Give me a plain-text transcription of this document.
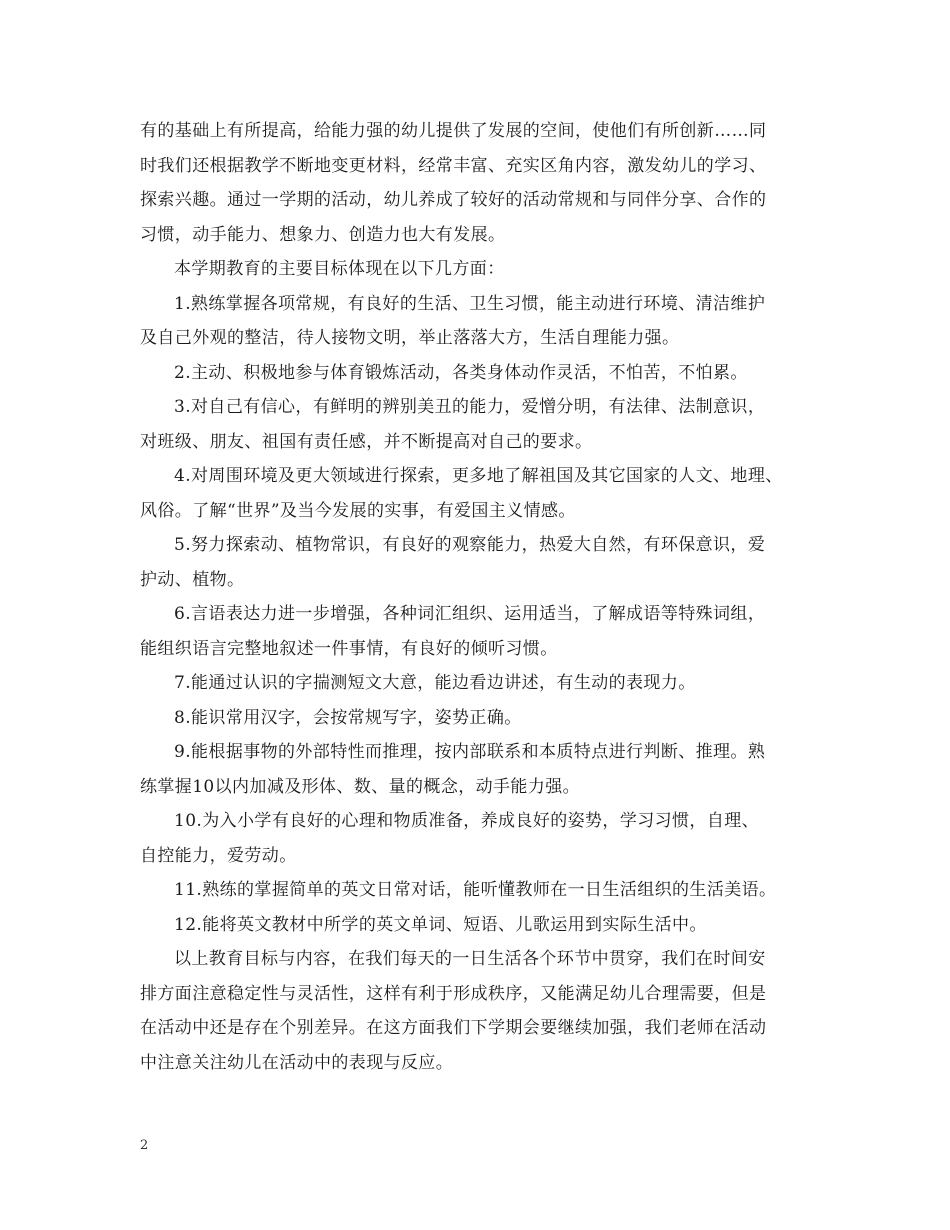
有的基础上有所提高，给能力强的幼儿提供了发展的空间，使他们有所创新……同
时我们还根据教学不断地变更材料，经常丰富、充实区角内容，激发幼儿的学习、
探索兴趣。通过一学期的活动，幼儿养成了较好的活动常规和与同伴分享、合作的
习惯，动手能力、想象力、创造力也大有发展。
本学期教育的主要目标体现在以下几方面：
1.熟练掌握各项常规，有良好的生活、卫生习惯，能主动进行环境、清洁维护
及自己外观的整洁，待人接物文明，举止落落大方，生活自理能力强。
2.主动、积极地参与体育锻炼活动，各类身体动作灵活，不怕苦，不怕累。
3.对自己有信心，有鲜明的辨别美丑的能力，爱憎分明，有法律、法制意识，
对班级、朋友、祖国有责任感，并不断提高对自己的要求。
4.对周围环境及更大领域进行探索，更多地了解祖国及其它国家的人文、地理、
风俗。了解“世界”及当今发展的实事，有爱国主义情感。
5.努力探索动、植物常识，有良好的观察能力，热爱大自然，有环保意识，爱
护动、植物。
6.言语表达力进一步增强，各种词汇组织、运用适当，了解成语等特殊词组，
能组织语言完整地叙述一件事情，有良好的倾听习惯。
7.能通过认识的字揣测短文大意，能边看边讲述，有生动的表现力。
8.能识常用汉字，会按常规写字，姿势正确。
9.能根据事物的外部特性而推理，按内部联系和本质特点进行判断、推理。熟
练掌握10以内加减及形体、数、量的概念，动手能力强。
10.为入小学有良好的心理和物质准备，养成良好的姿势，学习习惯，自理、
自控能力，爱劳动。
11.熟练的掌握简单的英文日常对话，能听懂教师在一日生活组织的生活美语。
12.能将英文教材中所学的英文单词、短语、儿歌运用到实际生活中。
以上教育目标与内容，在我们每天的一日生活各个环节中贯穿，我们在时间安
排方面注意稳定性与灵活性，这样有利于形成秩序，又能满足幼儿合理需要，但是
在活动中还是存在个别差异。在这方面我们下学期会要继续加强，我们老师在活动
中注意关注幼儿在活动中的表现与反应。
2
